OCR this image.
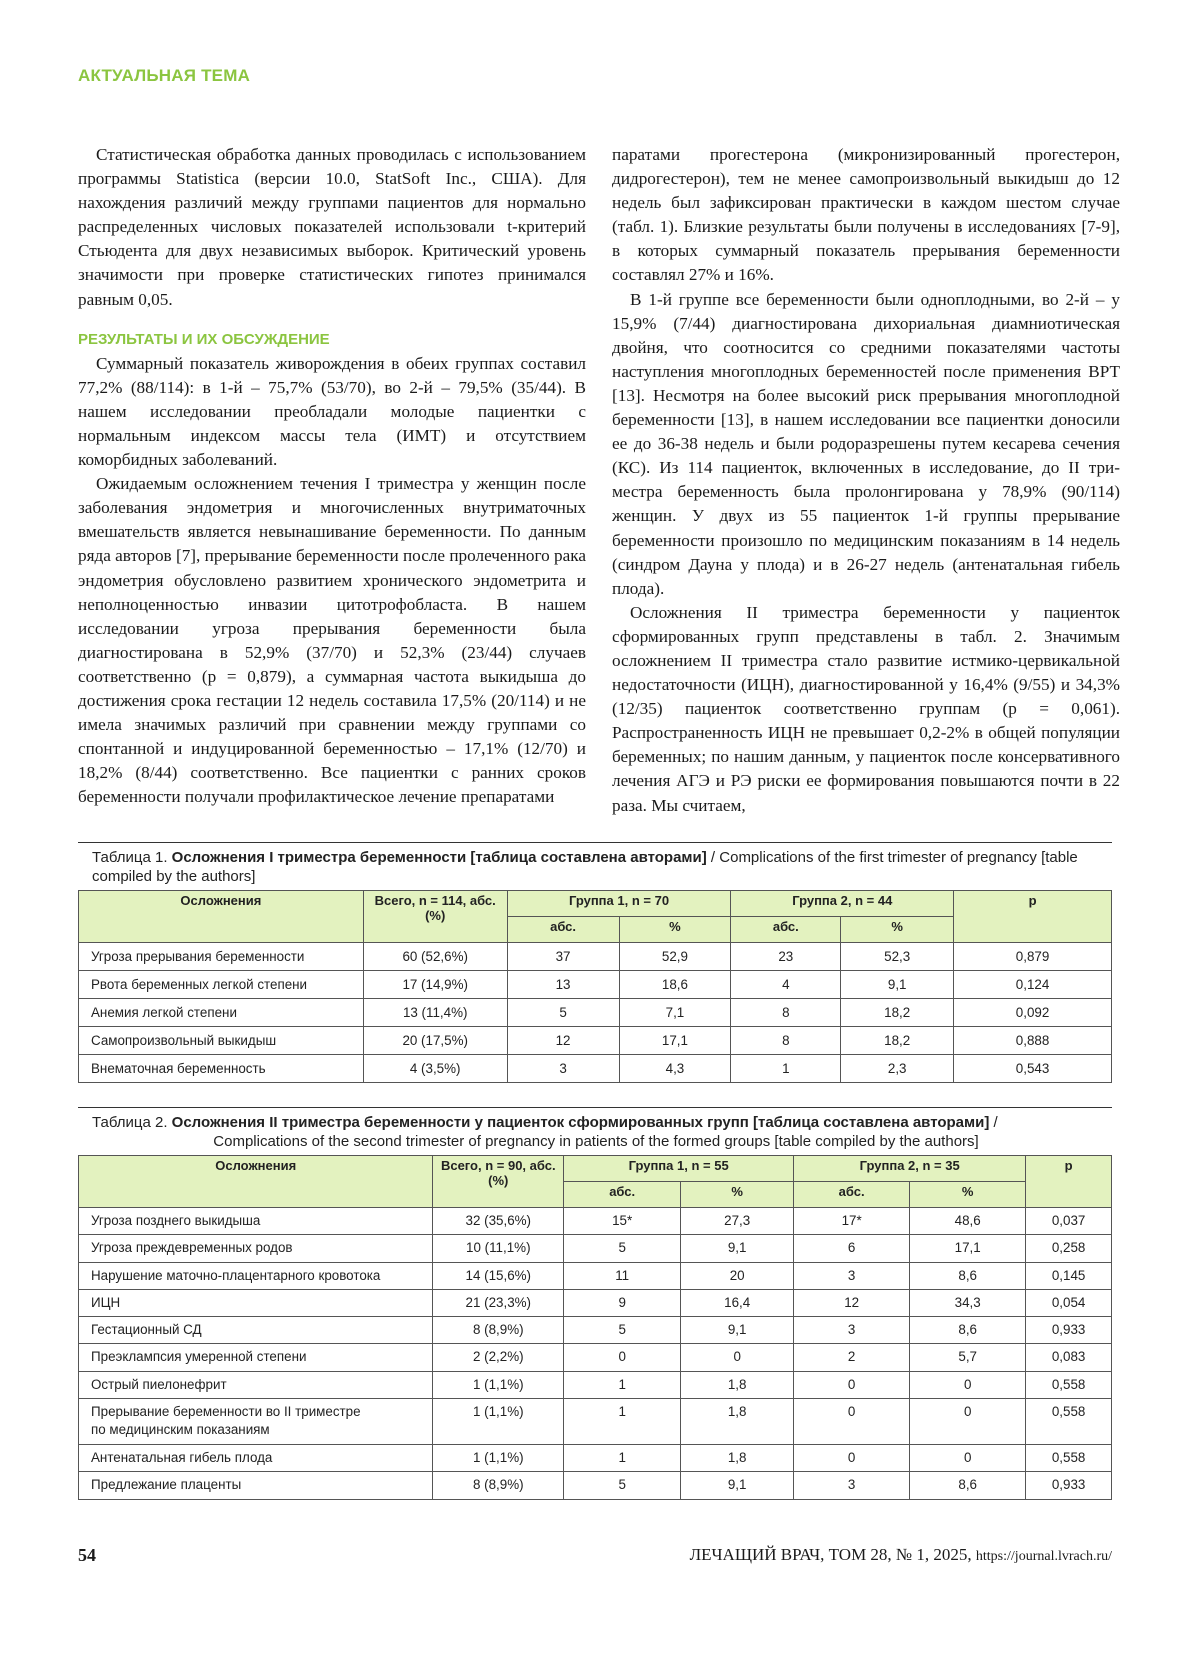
АКТУАЛЬНАЯ ТЕМА

Статистическая обработка данных проводилась с использованием программы Statistica (версии 10.0, StatSoft Inc., США). Для нахождения различий между группами пациентов для нормально распределенных числовых показателей использовали t-критерий Стьюдента для двух независимых выборок. Критический уровень значимости при проверке статистических гипотез принимался равным 0,05.

РЕЗУЛЬТАТЫ И ИХ ОБСУЖДЕНИЕ

Суммарный показатель живорождения в обеих группах составил 77,2% (88/114): в 1-й – 75,7% (53/70), во 2-й – 79,5% (35/44). В нашем исследовании преобладали молодые пациентки с нормальным индексом массы тела (ИМТ) и отсутствием коморбидных заболеваний.

Ожидаемым осложнением течения I триместра у женщин после заболевания эндометрия и многочисленных внутриматочных вмешательств является невынашивание беременности. По данным ряда авторов [7], прерывание беременности после пролеченного рака эндометрия обусловлено развитием хронического эндометрита и неполноценностью инвазии цитотрофобласта. В нашем исследовании угроза прерывания беременности была диагностирована в 52,9% (37/70) и 52,3% (23/44) случаев соответственно (p = 0,879), а суммарная частота выкидыша до достижения срока гестации 12 недель составила 17,5% (20/114) и не имела значимых различий при сравнении между группами со спонтанной и индуцированной беременностью – 17,1% (12/70) и 18,2% (8/44) соответственно. Все пациентки с ранних сроков беременности получали профилактическое лечение препаратами

паратами прогестерона (микронизированный прогестерон, дидрогестерон), тем не менее самопроизвольный выкидыш до 12 недель был зафиксирован практически в каждом шестом случае (табл. 1). Близкие результаты были получены в исследованиях [7-9], в которых суммарный показатель прерывания беременности составлял 27% и 16%.

В 1-й группе все беременности были одноплодными, во 2-й – у 15,9% (7/44) диагностирована дихориальная диамниотическая двойня, что соотносится со средними показателями частоты наступления многоплодных беременностей после применения ВРТ [13]. Несмотря на более высокий риск прерывания многоплодной беременности [13], в нашем исследовании все пациентки доносили ее до 36-38 недель и были родоразрешены путем кесарева сечения (КС). Из 114 пациенток, включенных в исследование, до II триместра беременность была пролонгирована у 78,9% (90/114) женщин. У двух из 55 пациенток 1-й группы прерывание беременности произошло по медицинским показаниям в 14 недель (синдром Дауна у плода) и в 26-27 недель (антенатальная гибель плода).

Осложнения II триместра беременности у пациенток сформированных групп представлены в табл. 2. Значимым осложнением II триместра стало развитие истмико-цервикальной недостаточности (ИЦН), диагностированной у 16,4% (9/55) и 34,3% (12/35) пациенток соответственно группам (p = 0,061). Распространенность ИЦН не превышает 0,2-2% в общей популяции беременных; по нашим данным, у пациенток после консервативного лечения АГЭ и РЭ риски ее формирования повышаются почти в 22 раза. Мы считаем,

Таблица 1. Осложнения I триместра беременности [таблица составлена авторами] / Complications of the first trimester of pregnancy [table compiled by the authors]
Осложнения	Всего, n = 114, абс. (%)	Группа 1, n = 70		Группа 2, n = 44		p
		абс.	%	абс.	%	
Угроза прерывания беременности	60 (52,6%)	37	52,9	23	52,3	0,879
Рвота беременных легкой степени	17 (14,9%)	13	18,6	4	9,1	0,124
Анемия легкой степени	13 (11,4%)	5	7,1	8	18,2	0,092
Самопроизвольный выкидыш	20 (17,5%)	12	17,1	8	18,2	0,888
Внематочная беременность	4 (3,5%)	3	4,3	1	2,3	0,543
Таблица 2. Осложнения II триместра беременности у пациенток сформированных групп [таблица составлена авторами] /

Complications of the second trimester of pregnancy in patients of the formed groups [table compiled by the authors]
Осложнения	Всего, n = 90, абс. (%)	Группа 1, n = 55		Группа 2, n = 35		p
		абс.	%	абс.	%	
Угроза позднего выкидыша	32 (35,6%)	15*	27,3	17*	48,6	0,037
Угроза преждевременных родов	10 (11,1%)	5	9,1	6	17,1	0,258
Нарушение маточно-плацентарного кровотока	14 (15,6%)	11	20	3	8,6	0,145
ИЦН	21 (23,3%)	9	16,4	12	34,3	0,054
Гестационный СД	8 (8,9%)	5	9,1	3	8,6	0,933
Преэклампсия умеренной степени	2 (2,2%)	0	0	2	5,7	0,083
Острый пиелонефрит	1 (1,1%)	1	1,8	0	0	0,558
Прерывание беременности во II триместре по медицинским показаниям	1 (1,1%)	1	1,8	0	0	0,558
Антенатальная гибель плода	1 (1,1%)	1	1,8	0	0	0,558
Предлежание плаценты	8 (8,9%)	5	9,1	3	8,6	0,933
54	ЛЕЧАЩИЙ ВРАЧ, ТОМ 28, № 1, 2025, https://journal.lvrach.ru/
